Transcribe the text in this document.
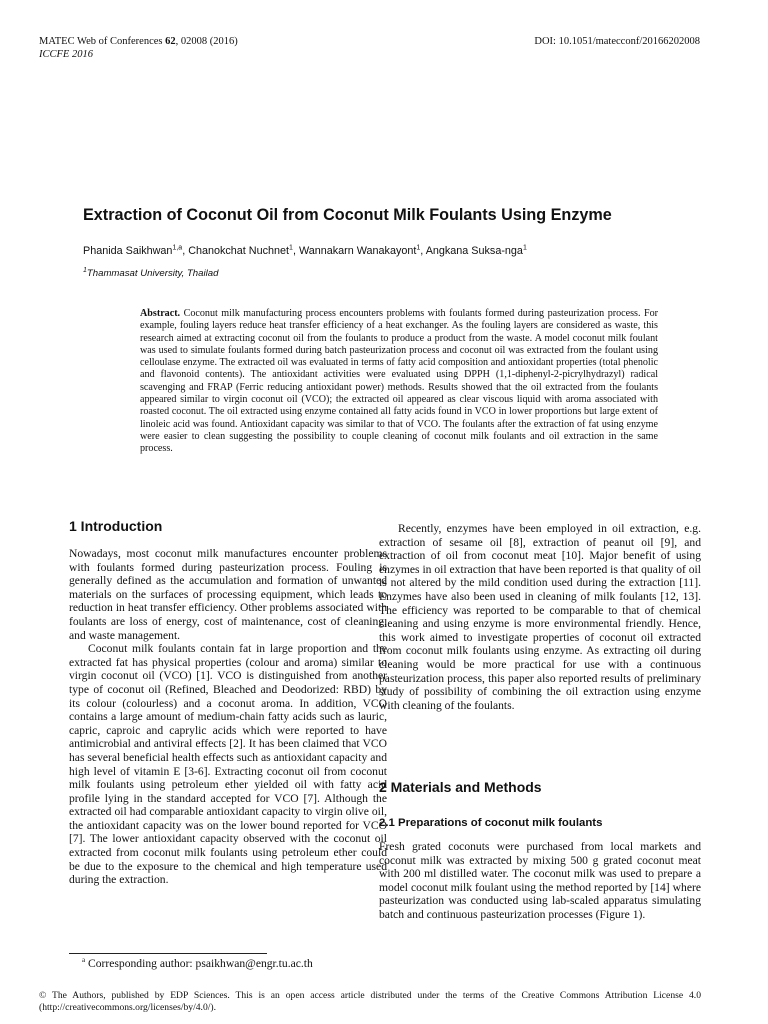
MATEC Web of Conferences 62, 02008 (2016)
ICCFE 2016
DOI: 10.1051/matecconf/20166202008
Extraction of Coconut Oil from Coconut Milk Foulants Using Enzyme
Phanida Saikhwan$^{1,a}$, Chanokchat Nuchnet$^1$, Wannakarn Wanakayont$^1$, Angkana Suksa-nga$^1$
$^1$Thammasat University, Thailad
Abstract. Coconut milk manufacturing process encounters problems with foulants formed during pasteurization process. For example, fouling layers reduce heat transfer efficiency of a heat exchanger. As the fouling layers are considered as waste, this research aimed at extracting coconut oil from the foulants to produce a product from the waste. A model coconut milk foulant was used to simulate foulants formed during batch pasteurization process and coconut oil was extracted from the foulant using celloulase enzyme. The extracted oil was evaluated in terms of fatty acid composition and antioxidant properties (total phenolic and flavonoid contents). The antioxidant activities were evaluated using DPPH (1,1-diphenyl-2-picrylhydrazyl) radical scavenging and FRAP (Ferric reducing antioxidant power) methods. Results showed that the oil extracted from the foulants appeared similar to virgin coconut oil (VCO); the extracted oil appeared as clear viscous liquid with aroma associated with roasted coconut. The oil extracted using enzyme contained all fatty acids found in VCO in lower proportions but large extent of linoleic acid was found. Antioxidant capacity was similar to that of VCO. The foulants after the extraction of fat using enzyme were easier to clean suggesting the possibility to couple cleaning of coconut milk foulants and oil extraction in the same process.
1 Introduction

Nowadays, most coconut milk manufactures encounter problems with foulants formed during pasteurization process. Fouling is generally defined as the accumulation and formation of unwanted materials on the surfaces of processing equipment, which leads to reduction in heat transfer efficiency. Other problems associated with foulants are loss of energy, cost of maintenance, cost of cleaning, and waste management.

Coconut milk foulants contain fat in large proportion and the extracted fat has physical properties (colour and aroma) similar to virgin coconut oil (VCO) [1]. VCO is distinguished from another type of coconut oil (Refined, Bleached and Deodorized: RBD) by its colour (colourless) and a coconut aroma. In addition, VCO contains a large amount of medium-chain fatty acids such as lauric, capric, caproic and caprylic acids which were reported to have antimicrobial and antiviral effects [2]. It has been claimed that VCO has several beneficial health effects such as antioxidant capacity and high level of vitamin E [3-6]. Extracting coconut oil from coconut milk foulants using petroleum ether yielded oil with fatty acid profile lying in the standard accepted for VCO [7]. Although the extracted oil had comparable antioxidant capacity to virgin olive oil, the antioxidant capacity was on the lower bound reported for VCO [7]. The lower antioxidant capacity observed with the coconut oil extracted from coconut milk foulants using petroleum ether could be due to the exposure to the chemical and high temperature used during the extraction.

Recently, enzymes have been employed in oil extraction, e.g. extraction of sesame oil [8], extraction of peanut oil [9], and extraction of oil from coconut meat [10]. Major benefit of using enzymes in oil extraction that have been reported is that quality of oil is not altered by the mild condition used during the extraction [11]. Enzymes have also been used in cleaning of milk foulants [12, 13]. The efficiency was reported to be comparable to that of chemical cleaning and using enzyme is more environmental friendly. Hence, this work aimed to investigate properties of coconut oil extracted from coconut milk foulants using enzyme. As extracting oil during cleaning would be more practical for use with a continuous pasteurization process, this paper also reported results of preliminary study of possibility of combining the oil extraction using enzyme with cleaning of the foulants.

2 Materials and Methods
2.1 Preparations of coconut milk foulants
Fresh grated coconuts were purchased from local markets and coconut milk was extracted by mixing 500 g grated coconut meat with 200 ml distilled water. The coconut milk was used to prepare a model coconut milk foulant using the method reported by [14] where pasteurization was conducted using lab-scaled apparatus simulating batch and continuous pasteurization processes (Figure 1).
$^a$ Corresponding author: psaikhwan@engr.tu.ac.th
© The Authors, published by EDP Sciences. This is an open access article distributed under the terms of the Creative Commons Attribution License 4.0 (http://creativecommons.org/licenses/by/4.0/).
